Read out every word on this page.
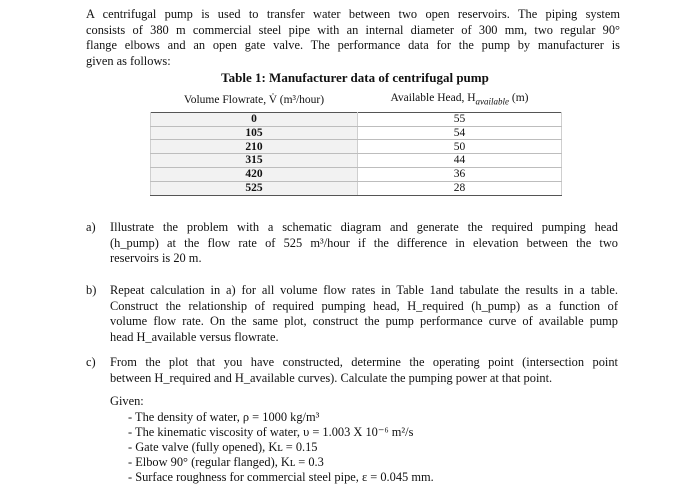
A centrifugal pump is used to transfer water between two open reservoirs. The piping system
consists of 380 m commercial steel pipe with an internal diameter of 300 mm, two regular 90°
flange elbows and an open gate valve. The performance data for the pump by manufacturer is
given as follows:
Table 1: Manufacturer data of centrifugal pump
Volume Flowrate, V̇ (m³/hour)	Available Head, $H_{available}$ (m)
0	55
105	54
210	50
315	44
420	36
525	28
a) Illustrate the problem with a schematic diagram and generate the required pumping head
(h_pump) at the flow rate of 525 m³/hour if the difference in elevation between the two
reservoirs is 20 m.
b) Repeat calculation in a) for all volume flow rates in Table 1and tabulate the results in a table.
Construct the relationship of required pumping head, H_required (h_pump) as a function of
volume flow rate. On the same plot, construct the pump performance curve of available pump
head H_available versus flowrate.
c) From the plot that you have constructed, determine the operating point (intersection point
between H_required and H_available curves). Calculate the pumping power at that point.
Given:
- The density of water, ρ = 1000 kg/m³
- The kinematic viscosity of water, υ = 1.003 X 10⁻⁶ m²/s
- Gate valve (fully opened), Kʟ = 0.15
- Elbow 90° (regular flanged), Kʟ = 0.3
- Surface roughness for commercial steel pipe, ε = 0.045 mm.
